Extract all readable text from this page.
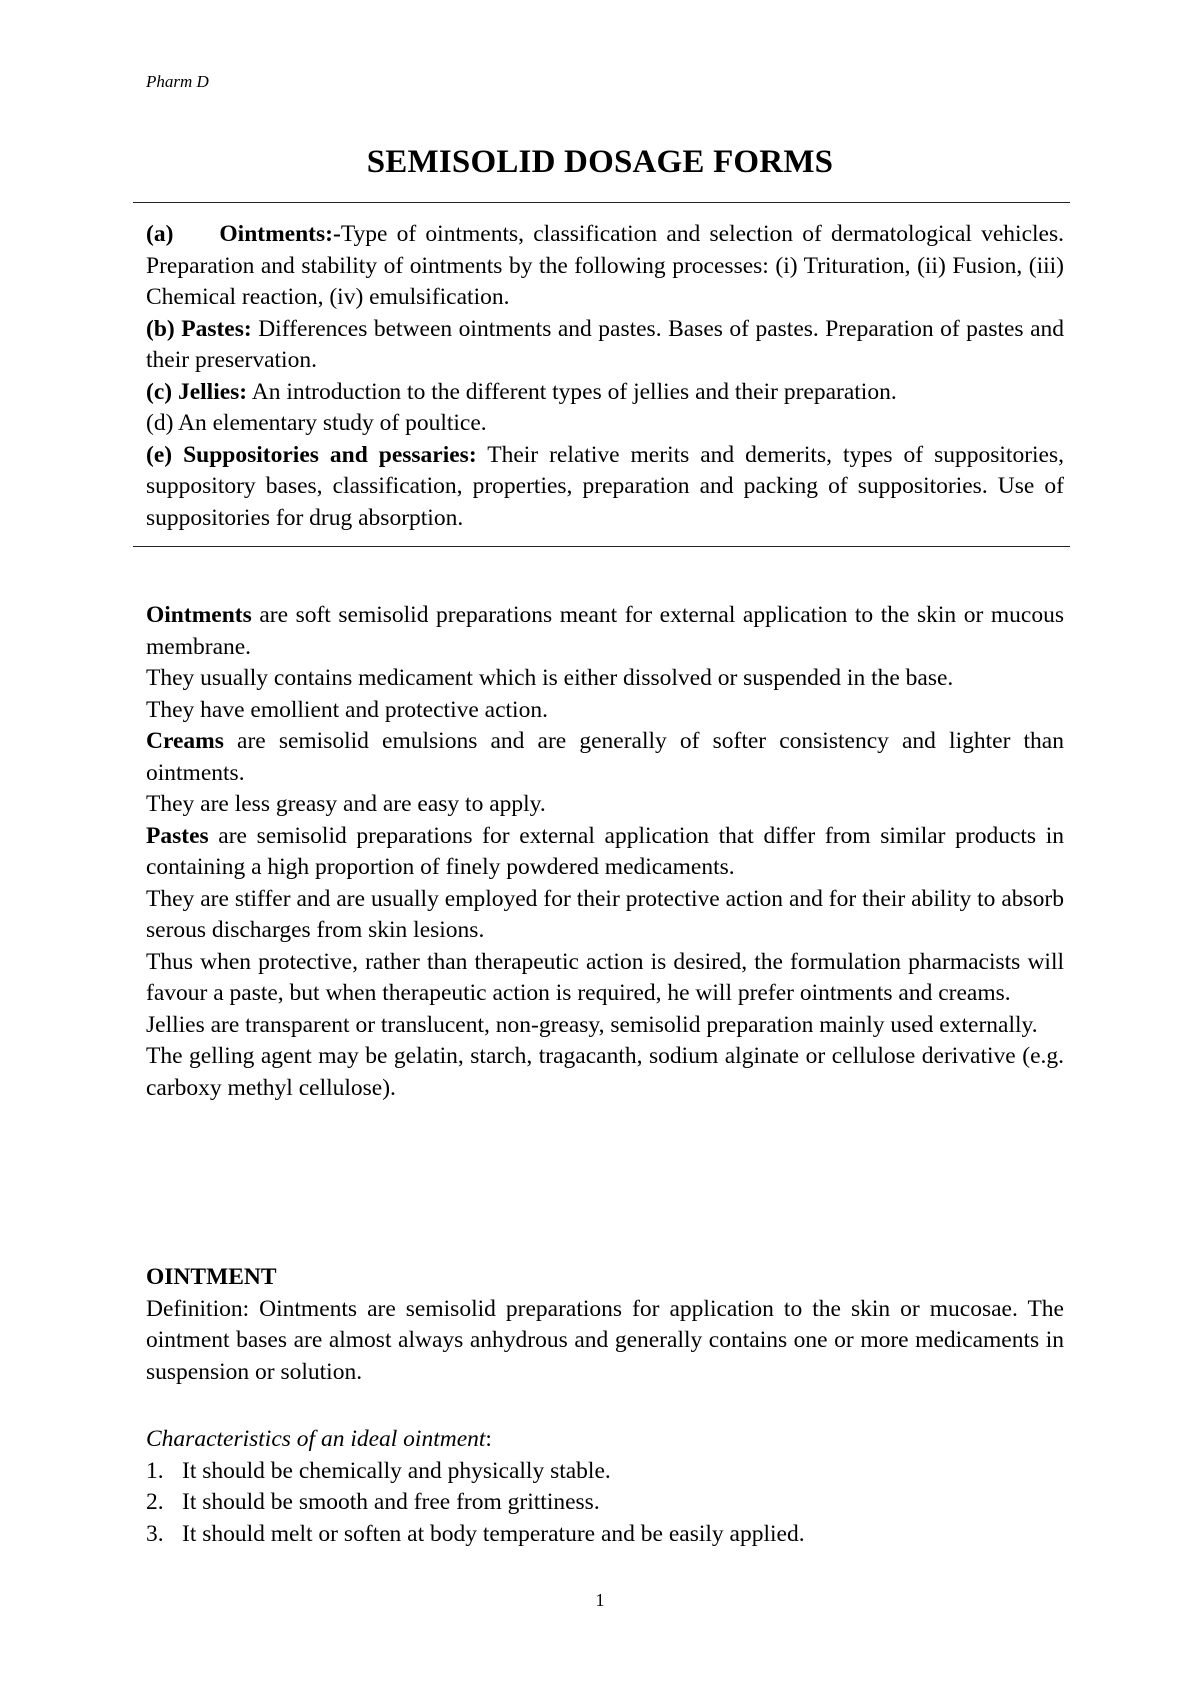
Pharm D
SEMISOLID DOSAGE FORMS

(a) Ointments:-Type of ointments, classification and selection of dermatological vehicles. Preparation and stability of ointments by the following processes: (i) Trituration, (ii) Fusion, (iii) Chemical reaction, (iv) emulsification.

(b) Pastes: Differences between ointments and pastes. Bases of pastes. Preparation of pastes and their preservation.

(c) Jellies: An introduction to the different types of jellies and their preparation.

(d) An elementary study of poultice.

(e) Suppositories and pessaries: Their relative merits and demerits, types of suppositories, suppository bases, classification, properties, preparation and packing of suppositories. Use of suppositories for drug absorption.

Ointments are soft semisolid preparations meant for external application to the skin or mucous membrane.

They usually contains medicament which is either dissolved or suspended in the base.

They have emollient and protective action.

Creams are semisolid emulsions and are generally of softer consistency and lighter than ointments.

They are less greasy and are easy to apply.

Pastes are semisolid preparations for external application that differ from similar products in containing a high proportion of finely powdered medicaments.

They are stiffer and are usually employed for their protective action and for their ability to absorb serous discharges from skin lesions.

Thus when protective, rather than therapeutic action is desired, the formulation pharmacists will favour a paste, but when therapeutic action is required, he will prefer ointments and creams.

Jellies are transparent or translucent, non-greasy, semisolid preparation mainly used externally.

The gelling agent may be gelatin, starch, tragacanth, sodium alginate or cellulose derivative (e.g. carboxy methyl cellulose).

OINTMENT

Definition: Ointments are semisolid preparations for application to the skin or mucosae. The ointment bases are almost always anhydrous and generally contains one or more medicaments in suspension or solution.

Characteristics of an ideal ointment:

1. It should be chemically and physically stable.
2. It should be smooth and free from grittiness.
3. It should melt or soften at body temperature and be easily applied.
1
